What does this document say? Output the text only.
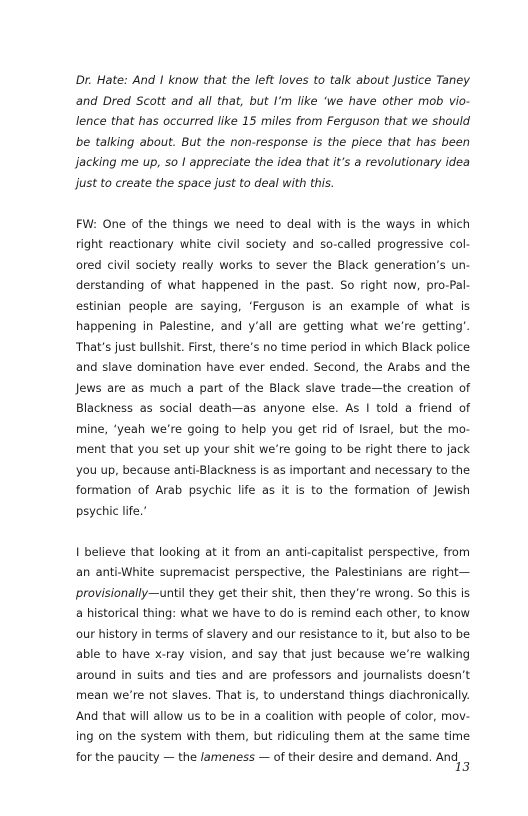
Dr. Hate: And I know that the left loves to talk about Justice Taney and Dred Scott and all that, but I’m like ‘we have other mob violence that has occurred like 15 miles from Ferguson that we should be talking about. But the non-response is the piece that has been jacking me up, so I appreciate the idea that it’s a revolutionary idea just to create the space just to deal with this.

FW: One of the things we need to deal with is the ways in which right reactionary white civil society and so-called progressive colored civil society really works to sever the Black generation’s understanding of what happened in the past. So right now, pro-Palestinian people are saying, ‘Ferguson is an example of what is happening in Palestine, and y’all are getting what we’re getting’. That’s just bullshit. First, there’s no time period in which Black police and slave domination have ever ended. Second, the Arabs and the Jews are as much a part of the Black slave trade—the creation of Blackness as social death—as anyone else. As I told a friend of mine, ‘yeah we’re going to help you get rid of Israel, but the moment that you set up your shit we’re going to be right there to jack you up, because anti-Blackness is as important and necessary to the formation of Arab psychic life as it is to the formation of Jewish psychic life.’

I believe that looking at it from an anti-capitalist perspective, from an anti-White supremacist perspective, the Palestinians are right—provisionally—until they get their shit, then they’re wrong. So this is a historical thing: what we have to do is remind each other, to know our history in terms of slavery and our resistance to it, but also to be able to have x-ray vision, and say that just because we’re walking around in suits and ties and are professors and journalists doesn’t mean we’re not slaves. That is, to understand things diachronically. And that will allow us to be in a coalition with people of color, moving on the system with them, but ridiculing them at the same time for the paucity — the lameness — of their desire and demand. And

13
